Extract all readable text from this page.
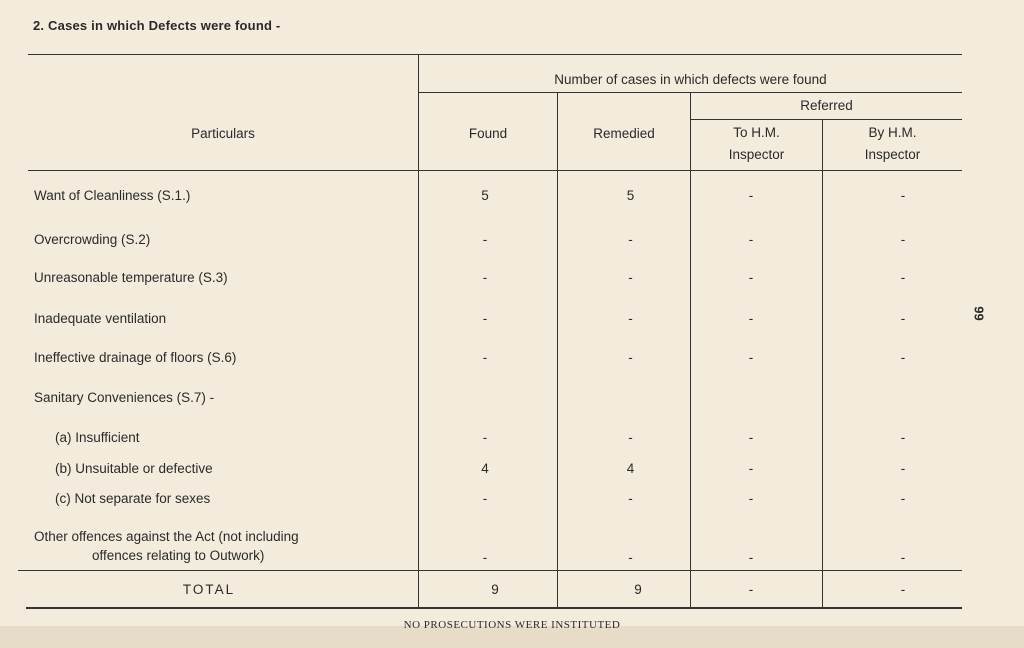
2. Cases in which Defects were found -
Particulars
Number of cases in which defects were found
Found	Remedied
Referred
To H.M.
Inspector
By H.M.
Inspector
Want of Cleanliness (S.1.)	5	5	-	-
Overcrowding (S.2)	-	-	-	-
Unreasonable temperature (S.3)	-	-	-	-
Inadequate ventilation	-	-	-	-
Ineffective drainage of floors (S.6)	-	-	-	-
Sanitary Conveniences (S.7) -
(a) Insufficient	-	-	-	-
(b) Unsuitable or defective	4	4	-	-
(c) Not separate for sexes	-	-	-	-
Other offences against the Act (not including
offences relating to Outwork)	-	-	-	-
TOTAL	9	9	-	-
99
NO PROSECUTIONS WERE INSTITUTED
